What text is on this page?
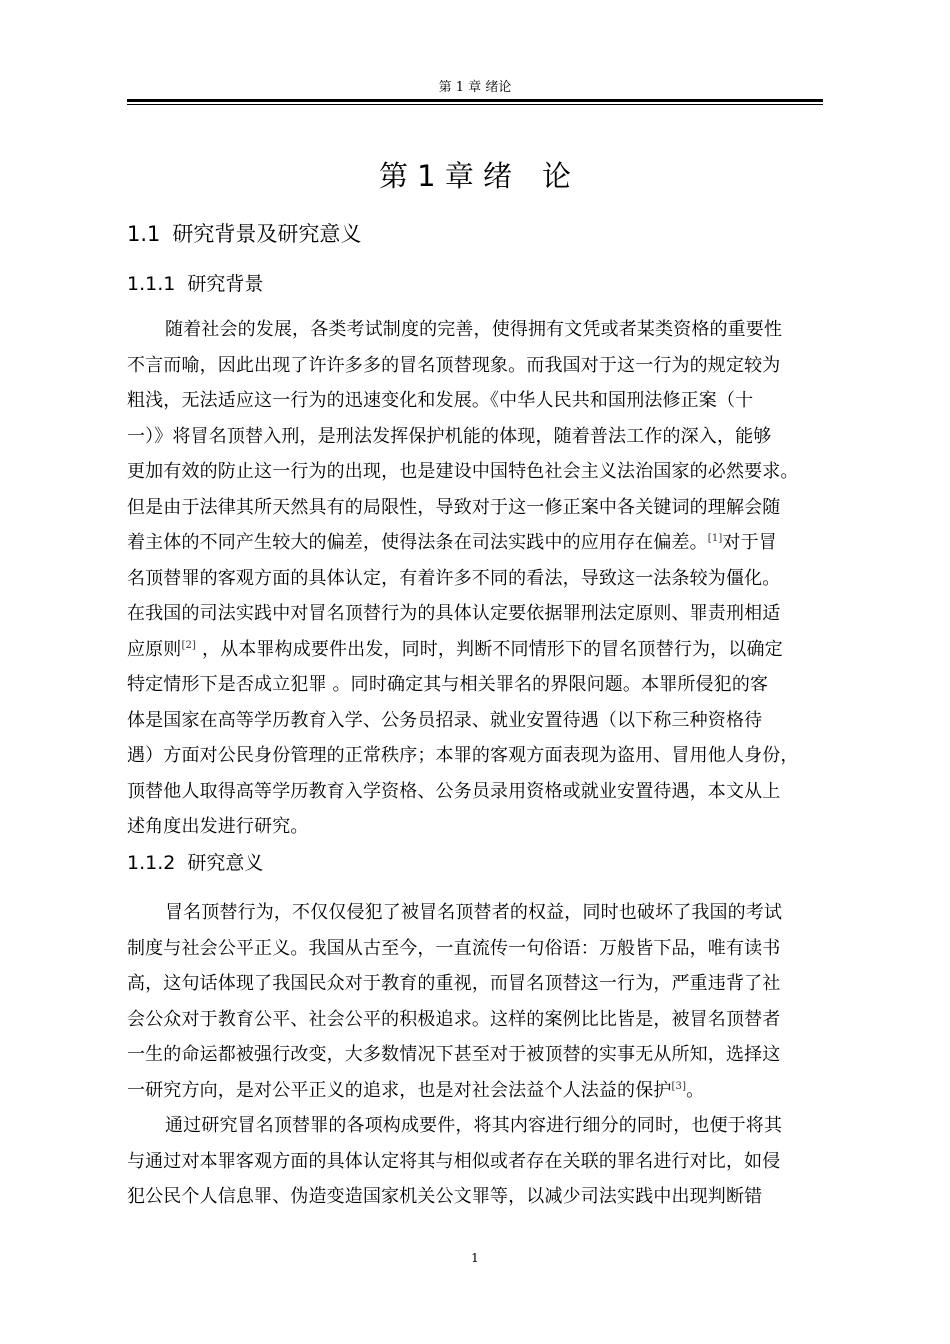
第 1 章 绪论
第 1 章 绪 论
1.1 研究背景及研究意义
1.1.1 研究背景
随着社会的发展，各类考试制度的完善，使得拥有文凭或者某类资格的重要性
不言而喻，因此出现了许许多多的冒名顶替现象。而我国对于这一行为的规定较为
粗浅，无法适应这一行为的迅速变化和发展。《中华人民共和国刑法修正案（十
一）》将冒名顶替入刑，是刑法发挥保护机能的体现，随着普法工作的深入，能够
更加有效的防止这一行为的出现，也是建设中国特色社会主义法治国家的必然要求。
但是由于法律其所天然具有的局限性，导致对于这一修正案中各关键词的理解会随
着主体的不同产生较大的偏差，使得法条在司法实践中的应用存在偏差。[1]对于冒
名顶替罪的客观方面的具体认定，有着许多不同的看法，导致这一法条较为僵化。
在我国的司法实践中对冒名顶替行为的具体认定要依据罪刑法定原则、罪责刑相适
应原则[2] ，从本罪构成要件出发，同时，判断不同情形下的冒名顶替行为，以确定
特定情形下是否成立犯罪 。同时确定其与相关罪名的界限问题。本罪所侵犯的客
体是国家在高等学历教育入学、公务员招录、就业安置待遇（以下称三种资格待
遇）方面对公民身份管理的正常秩序；本罪的客观方面表现为盗用、冒用他人身份，
顶替他人取得高等学历教育入学资格、公务员录用资格或就业安置待遇，本文从上
述角度出发进行研究。
1.1.2 研究意义
冒名顶替行为，不仅仅侵犯了被冒名顶替者的权益，同时也破坏了我国的考试
制度与社会公平正义。我国从古至今，一直流传一句俗语：万般皆下品，唯有读书
高，这句话体现了我国民众对于教育的重视，而冒名顶替这一行为，严重违背了社
会公众对于教育公平、社会公平的积极追求。这样的案例比比皆是，被冒名顶替者
一生的命运都被强行改变，大多数情况下甚至对于被顶替的实事无从所知，选择这
一研究方向，是对公平正义的追求，也是对社会法益个人法益的保护[3]。
通过研究冒名顶替罪的各项构成要件，将其内容进行细分的同时，也便于将其
与通过对本罪客观方面的具体认定将其与相似或者存在关联的罪名进行对比，如侵
犯公民个人信息罪、伪造变造国家机关公文罪等，以减少司法实践中出现判断错
1
